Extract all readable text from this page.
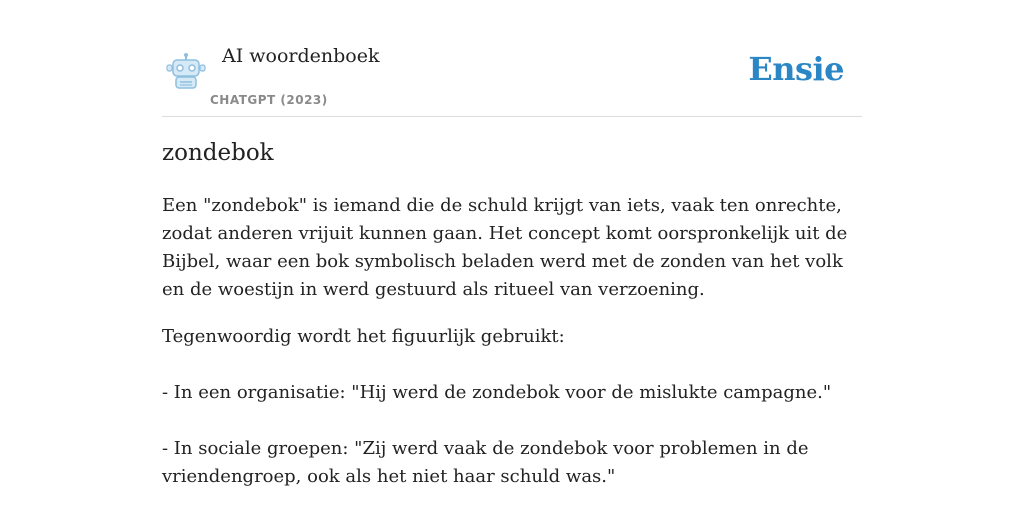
AI woordenboek
CHATGPT (2023)
Ensie
zondebok

Een "zondebok" is iemand die de schuld krijgt van iets, vaak ten onrechte, zodat anderen vrijuit kunnen gaan. Het concept komt oorspronkelijk uit de Bijbel, waar een bok symbolisch beladen werd met de zonden van het volk en de woestijn in werd gestuurd als ritueel van verzoening.

Tegenwoordig wordt het figuurlijk gebruikt:

- In een organisatie: "Hij werd de zondebok voor de mislukte campagne."

- In sociale groepen: "Zij werd vaak de zondebok voor problemen in de vriendengroep, ook als het niet haar schuld was."
